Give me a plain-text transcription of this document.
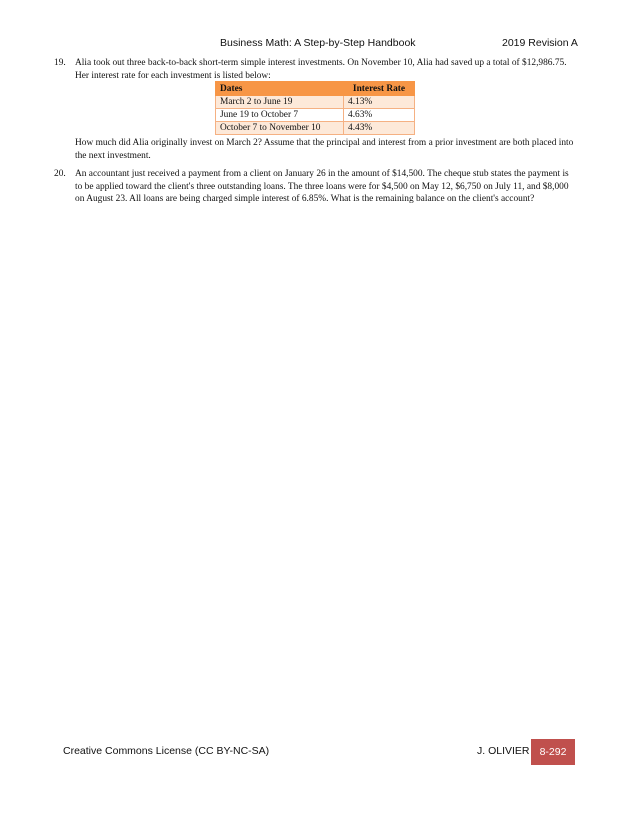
Business Math: A Step-by-Step Handbook	2019 Revision A
19. Alia took out three back-to-back short-term simple interest investments. On November 10, Alia had saved up a total of $12,986.75. Her interest rate for each investment is listed below:
Dates	Interest Rate
March 2 to June 19	4.13%
June 19 to October 7	4.63%
October 7 to November 10	4.43%
How much did Alia originally invest on March 2? Assume that the principal and interest from a prior investment are both placed into the next investment.
20. An accountant just received a payment from a client on January 26 in the amount of $14,500. The cheque stub states the payment is to be applied toward the client's three outstanding loans. The three loans were for $4,500 on May 12, $6,750 on July 11, and $8,000 on August 23. All loans are being charged simple interest of 6.85%. What is the remaining balance on the client's account?
Creative Commons License (CC BY-NC-SA)	J. OLIVIER 8-292
